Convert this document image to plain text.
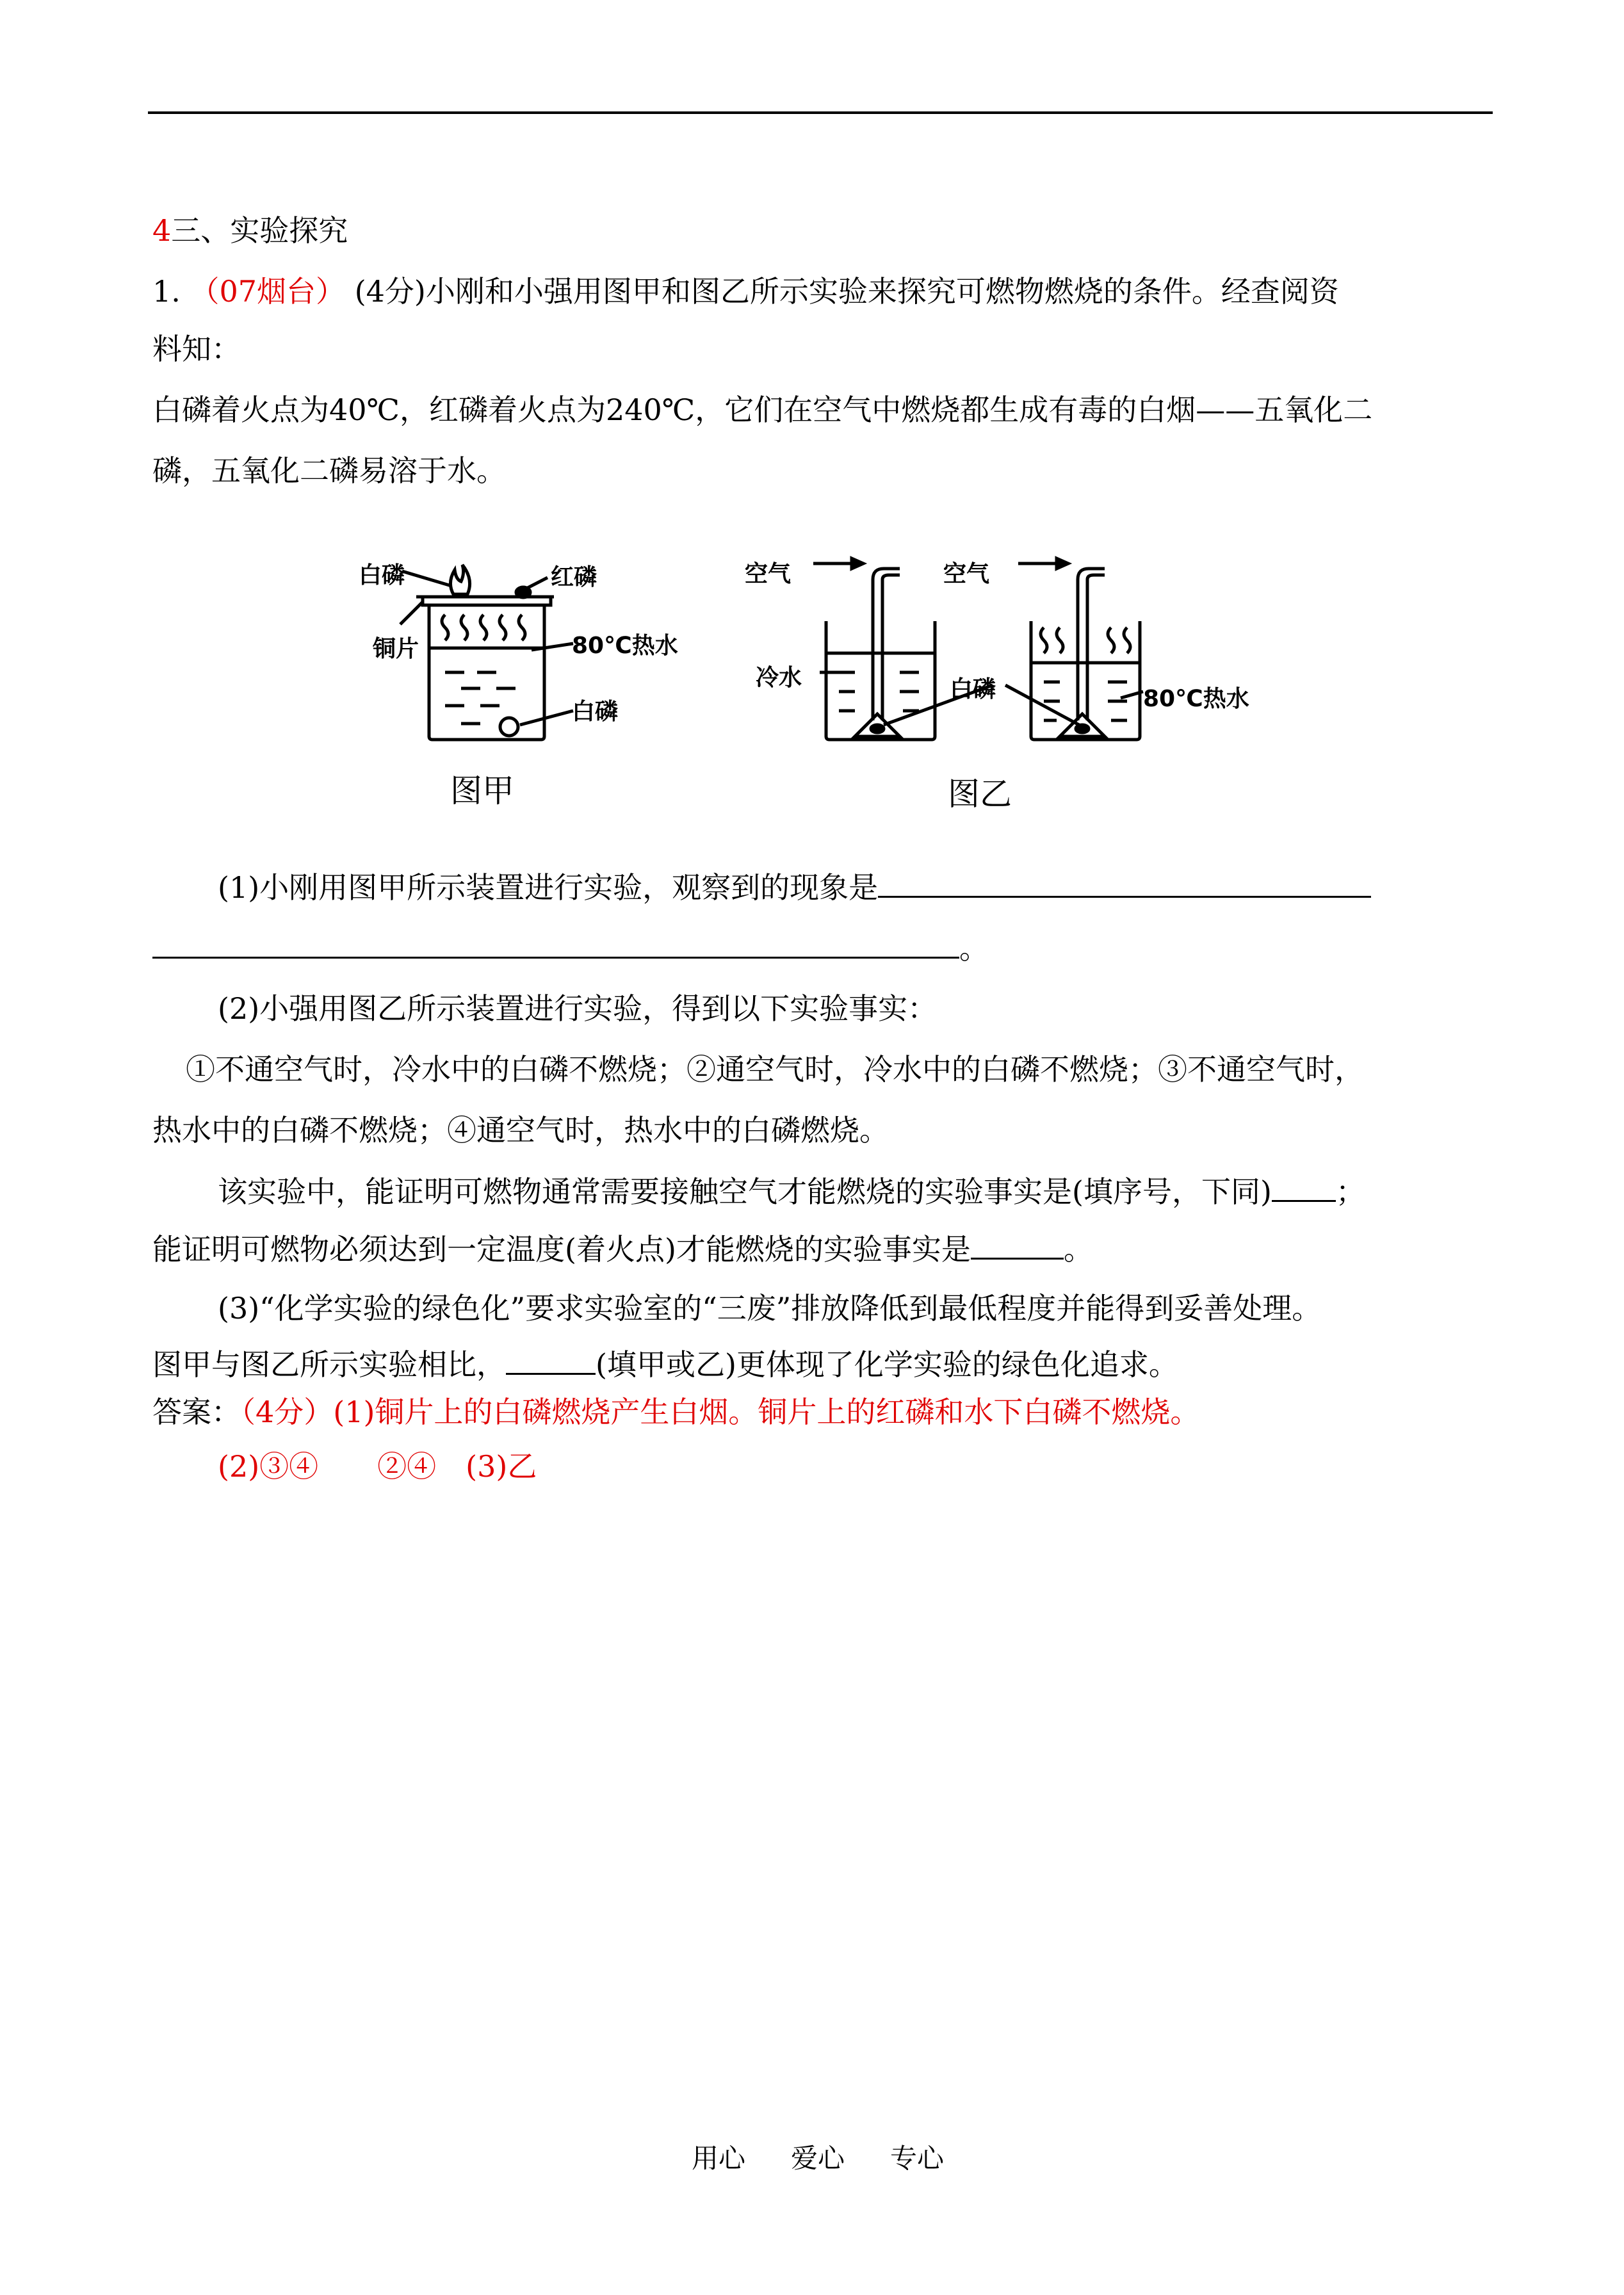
4三、实验探究
1. （07烟台） (4分)小刚和小强用图甲和图乙所示实验来探究可燃物燃烧的条件。经查阅资
料知：
白磷着火点为40℃，红磷着火点为240℃，它们在空气中燃烧都生成有毒的白烟——五氧化二
磷，五氧化二磷易溶于水。
白磷	红磷
铜片	80℃热水
白磷
图甲
空气	空气
冷水	白磷	80℃热水
图乙
(1)小刚用图甲所示装置进行实验，观察到的现象是
。
(2)小强用图乙所示装置进行实验，得到以下实验事实：
①不通空气时，冷水中的白磷不燃烧；②通空气时，冷水中的白磷不燃烧；③不通空气时，
热水中的白磷不燃烧；④通空气时，热水中的白磷燃烧。
该实验中，能证明可燃物通常需要接触空气才能燃烧的实验事实是(填序号，下同) ；
能证明可燃物必须达到一定温度(着火点)才能燃烧的实验事实是	。
(3)“化学实验的绿色化”要求实验室的“三废”排放降低到最低程度并能得到妥善处理。
图甲与图乙所示实验相比，	(填甲或乙)更体现了化学实验的绿色化追求。
答案：（4分）(1)铜片上的白磷燃烧产生白烟。铜片上的红磷和水下白磷不燃烧。
(2)③④　　②④　(3)乙
用心 爱心 专心
